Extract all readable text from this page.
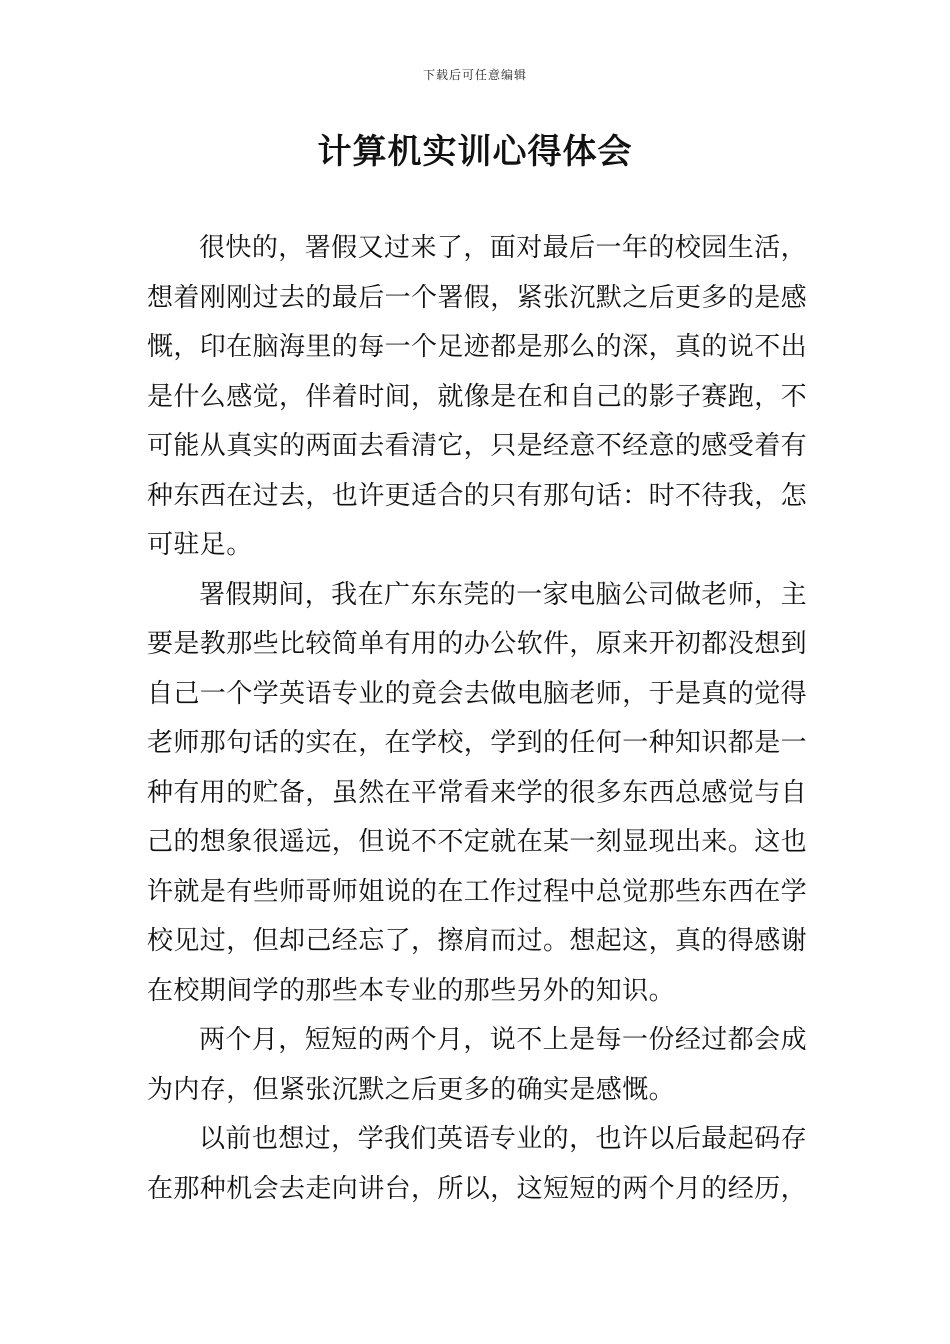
下载后可任意编辑
计算机实训心得体会

很快的，署假又过来了，面对最后一年的校园生活，想着刚刚过去的最后一个署假，紧张沉默之后更多的是感慨，印在脑海里的每一个足迹都是那么的深，真的说不出是什么感觉，伴着时间，就像是在和自己的影子赛跑，不可能从真实的两面去看清它，只是经意不经意的感受着有种东西在过去，也许更适合的只有那句话：时不待我，怎可驻足。

署假期间，我在广东东莞的一家电脑公司做老师，主要是教那些比较简单有用的办公软件，原来开初都没想到自己一个学英语专业的竟会去做电脑老师，于是真的觉得老师那句话的实在，在学校，学到的任何一种知识都是一种有用的贮备，虽然在平常看来学的很多东西总感觉与自己的想象很遥远，但说不不定就在某一刻显现出来。这也许就是有些师哥师姐说的在工作过程中总觉那些东西在学校见过，但却己经忘了，擦肩而过。想起这，真的得感谢在校期间学的那些本专业的那些另外的知识。

两个月，短短的两个月，说不上是每一份经过都会成为内存，但紧张沉默之后更多的确实是感慨。

以前也想过，学我们英语专业的，也许以后最起码存在那种机会去走向讲台，所以，这短短的两个月的经历，
